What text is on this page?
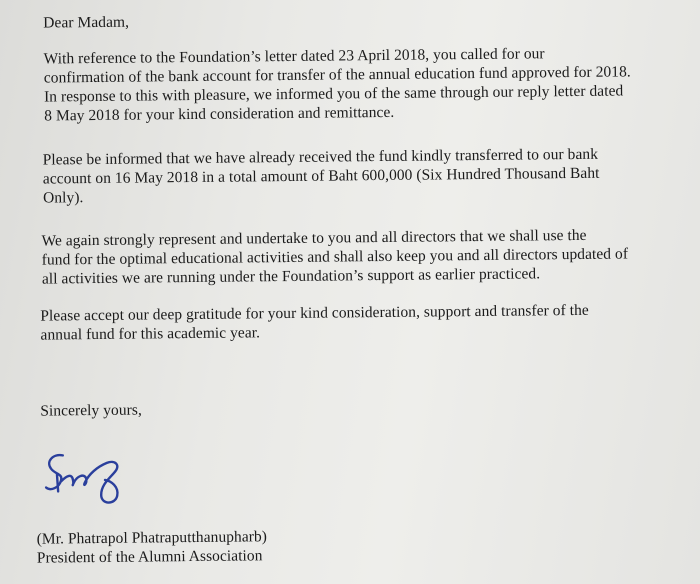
Dear Madam,
With reference to the Foundation’s letter dated 23 April 2018, you called for our
confirmation of the bank account for transfer of the annual education fund approved for 2018.
In response to this with pleasure, we informed you of the same through our reply letter dated
8 May 2018 for your kind consideration and remittance.
Please be informed that we have already received the fund kindly transferred to our bank
account on 16 May 2018 in a total amount of Baht 600,000 (Six Hundred Thousand Baht
Only).
We again strongly represent and undertake to you and all directors that we shall use the
fund for the optimal educational activities and shall also keep you and all directors updated of
all activities we are running under the Foundation’s support as earlier practiced.
Please accept our deep gratitude for your kind consideration, support and transfer of the
annual fund for this academic year.
Sincerely yours,
(Mr. Phatrapol Phatraputthanupharb)
President of the Alumni Association
